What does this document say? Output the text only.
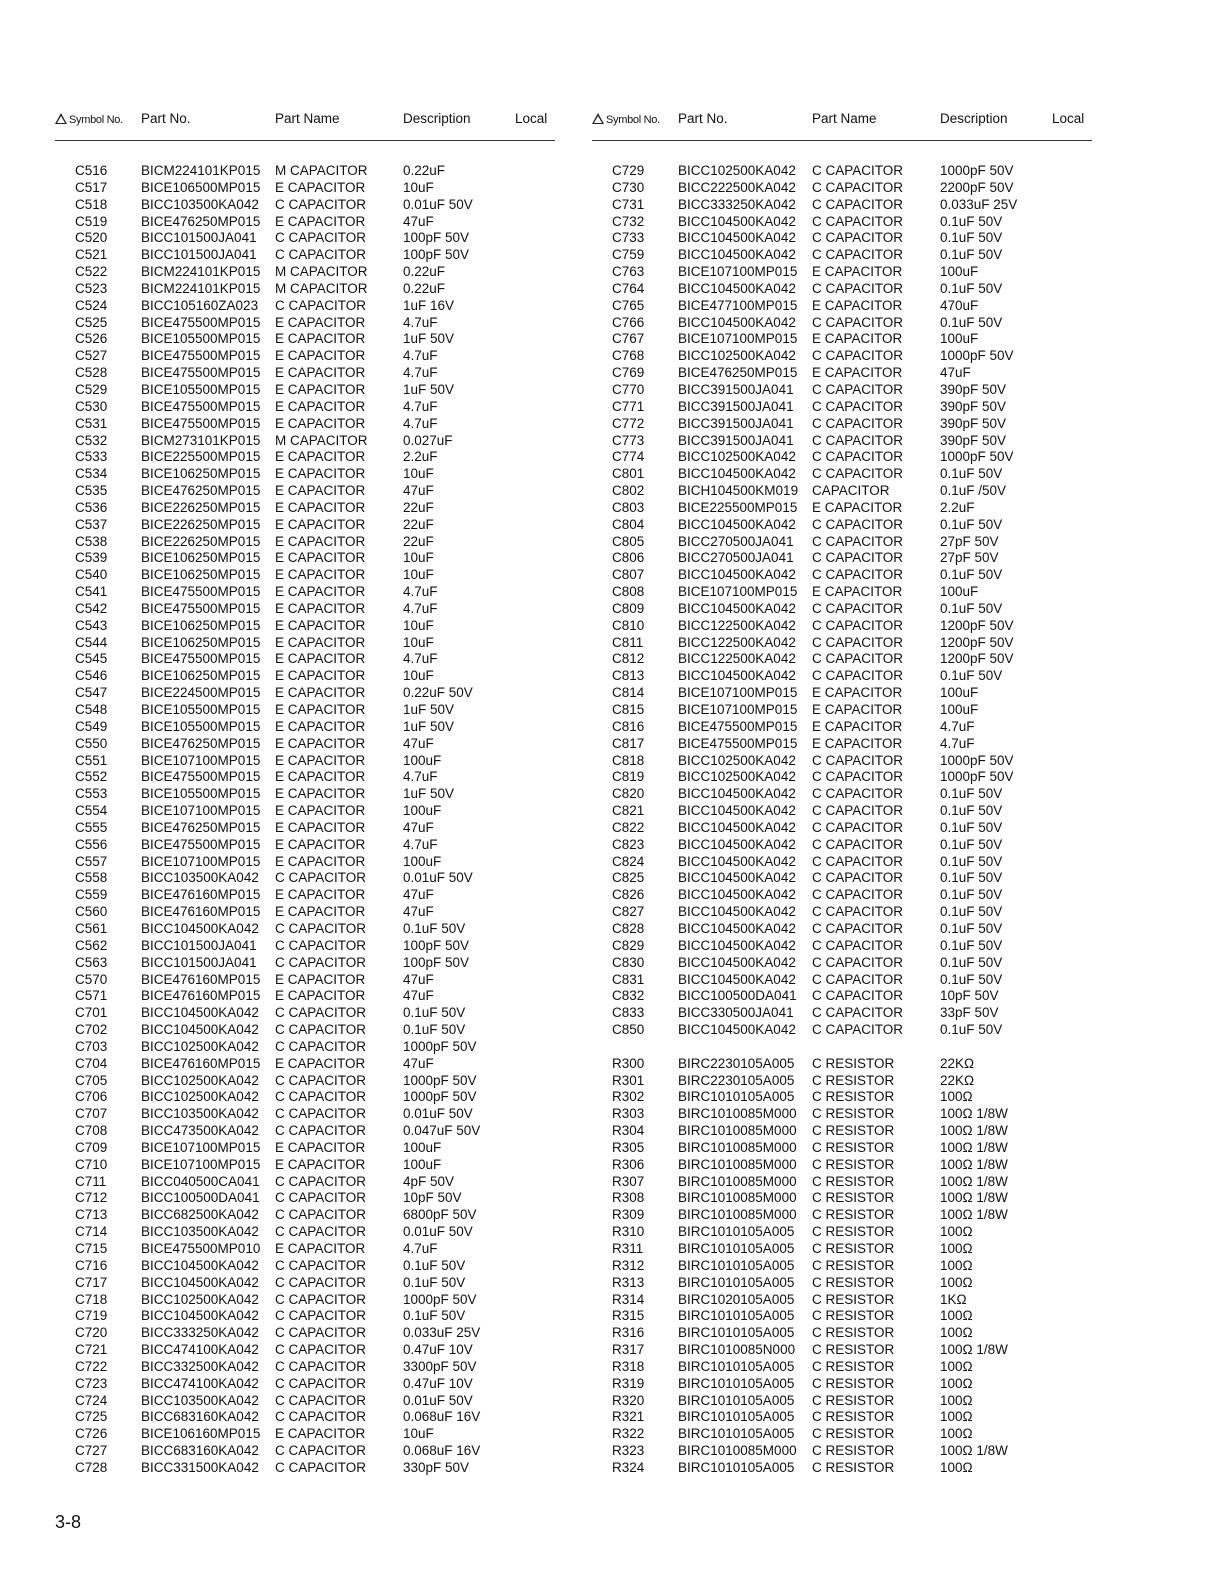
Symbol No. Part No.	Part Name	Description	Local
C516 BICM224101KP015 M CAPACITOR	0.22uF
C517 BICE106500MP015 E CAPACITOR	10uF
C518 BICC103500KA042 C CAPACITOR	0.01uF 50V
C519 BICE476250MP015 E CAPACITOR	47uF
C520 BICC101500JA041 C CAPACITOR	100pF 50V
C521 BICC101500JA041 C CAPACITOR	100pF 50V
C522 BICM224101KP015 M CAPACITOR	0.22uF
C523 BICM224101KP015 M CAPACITOR	0.22uF
C524 BICC105160ZA023 C CAPACITOR	1uF 16V
C525 BICE475500MP015 E CAPACITOR	4.7uF
C526 BICE105500MP015 E CAPACITOR	1uF 50V
C527 BICE475500MP015 E CAPACITOR	4.7uF
C528 BICE475500MP015 E CAPACITOR	4.7uF
C529 BICE105500MP015 E CAPACITOR	1uF 50V
C530 BICE475500MP015 E CAPACITOR	4.7uF
C531 BICE475500MP015 E CAPACITOR	4.7uF
C532 BICM273101KP015 M CAPACITOR	0.027uF
C533 BICE225500MP015 E CAPACITOR	2.2uF
C534 BICE106250MP015 E CAPACITOR	10uF
C535 BICE476250MP015 E CAPACITOR	47uF
C536 BICE226250MP015 E CAPACITOR	22uF
C537 BICE226250MP015 E CAPACITOR	22uF
C538 BICE226250MP015 E CAPACITOR	22uF
C539 BICE106250MP015 E CAPACITOR	10uF
C540 BICE106250MP015 E CAPACITOR	10uF
C541 BICE475500MP015 E CAPACITOR	4.7uF
C542 BICE475500MP015 E CAPACITOR	4.7uF
C543 BICE106250MP015 E CAPACITOR	10uF
C544 BICE106250MP015 E CAPACITOR	10uF
C545 BICE475500MP015 E CAPACITOR	4.7uF
C546 BICE106250MP015 E CAPACITOR	10uF
C547 BICE224500MP015 E CAPACITOR	0.22uF 50V
C548 BICE105500MP015 E CAPACITOR	1uF 50V
C549 BICE105500MP015 E CAPACITOR	1uF 50V
C550 BICE476250MP015 E CAPACITOR	47uF
C551 BICE107100MP015 E CAPACITOR	100uF
C552 BICE475500MP015 E CAPACITOR	4.7uF
C553 BICE105500MP015 E CAPACITOR	1uF 50V
C554 BICE107100MP015 E CAPACITOR	100uF
C555 BICE476250MP015 E CAPACITOR	47uF
C556 BICE475500MP015 E CAPACITOR	4.7uF
C557 BICE107100MP015 E CAPACITOR	100uF
C558 BICC103500KA042 C CAPACITOR	0.01uF 50V
C559 BICE476160MP015 E CAPACITOR	47uF
C560 BICE476160MP015 E CAPACITOR	47uF
C561 BICC104500KA042 C CAPACITOR	0.1uF 50V
C562 BICC101500JA041 C CAPACITOR	100pF 50V
C563 BICC101500JA041 C CAPACITOR	100pF 50V
C570 BICE476160MP015 E CAPACITOR	47uF
C571 BICE476160MP015 E CAPACITOR	47uF
C701 BICC104500KA042 C CAPACITOR	0.1uF 50V
C702 BICC104500KA042 C CAPACITOR	0.1uF 50V
C703 BICC102500KA042 C CAPACITOR	1000pF 50V
C704 BICE476160MP015 E CAPACITOR	47uF
C705 BICC102500KA042 C CAPACITOR	1000pF 50V
C706 BICC102500KA042 C CAPACITOR	1000pF 50V
C707 BICC103500KA042 C CAPACITOR	0.01uF 50V
C708 BICC473500KA042 C CAPACITOR	0.047uF 50V
C709 BICE107100MP015 E CAPACITOR	100uF
C710 BICE107100MP015 E CAPACITOR	100uF
C711	BICC040500CA041 C CAPACITOR	4pF 50V
C712 BICC100500DA041 C CAPACITOR	10pF 50V
C713 BICC682500KA042 C CAPACITOR	6800pF 50V
C714 BICC103500KA042 C CAPACITOR	0.01uF 50V
C715 BICE475500MP010 E CAPACITOR	4.7uF
C716 BICC104500KA042 C CAPACITOR	0.1uF 50V
C717 BICC104500KA042 C CAPACITOR	0.1uF 50V
C718 BICC102500KA042 C CAPACITOR	1000pF 50V
C719 BICC104500KA042 C CAPACITOR	0.1uF 50V
C720 BICC333250KA042 C CAPACITOR	0.033uF 25V
C721 BICC474100KA042 C CAPACITOR	0.47uF 10V
C722 BICC332500KA042 C CAPACITOR	3300pF 50V
C723 BICC474100KA042 C CAPACITOR	0.47uF 10V
C724 BICC103500KA042 C CAPACITOR	0.01uF 50V
C725 BICC683160KA042 C CAPACITOR	0.068uF 16V
C726 BICE106160MP015 E CAPACITOR	10uF
C727 BICC683160KA042 C CAPACITOR	0.068uF 16V
C728 BICC331500KA042 C CAPACITOR	330pF 50V
Symbol No. Part No.	Part Name	Description	Local
C729 BICC102500KA042 C CAPACITOR	1000pF 50V
C730 BICC222500KA042 C CAPACITOR	2200pF 50V
C731 BICC333250KA042 C CAPACITOR	0.033uF 25V
C732 BICC104500KA042 C CAPACITOR	0.1uF 50V
C733 BICC104500KA042 C CAPACITOR	0.1uF 50V
C759 BICC104500KA042 C CAPACITOR	0.1uF 50V
C763 BICE107100MP015 E CAPACITOR	100uF
C764 BICC104500KA042 C CAPACITOR	0.1uF 50V
C765 BICE477100MP015 E CAPACITOR	470uF
C766 BICC104500KA042 C CAPACITOR	0.1uF 50V
C767 BICE107100MP015 E CAPACITOR	100uF
C768 BICC102500KA042 C CAPACITOR	1000pF 50V
C769 BICE476250MP015 E CAPACITOR	47uF
C770 BICC391500JA041 C CAPACITOR	390pF 50V
C771 BICC391500JA041 C CAPACITOR	390pF 50V
C772 BICC391500JA041 C CAPACITOR	390pF 50V
C773 BICC391500JA041 C CAPACITOR	390pF 50V
C774 BICC102500KA042 C CAPACITOR	1000pF 50V
C801 BICC104500KA042 C CAPACITOR	0.1uF 50V
C802 BICH104500KM019 CAPACITOR	0.1uF /50V
C803 BICE225500MP015 E CAPACITOR	2.2uF
C804 BICC104500KA042 C CAPACITOR	0.1uF 50V
C805 BICC270500JA041 C CAPACITOR	27pF 50V
C806 BICC270500JA041 C CAPACITOR	27pF 50V
C807 BICC104500KA042 C CAPACITOR	0.1uF 50V
C808 BICE107100MP015 E CAPACITOR	100uF
C809 BICC104500KA042 C CAPACITOR	0.1uF 50V
C810 BICC122500KA042 C CAPACITOR	1200pF 50V
C811	BICC122500KA042 C CAPACITOR	1200pF 50V
C812 BICC122500KA042 C CAPACITOR	1200pF 50V
C813 BICC104500KA042 C CAPACITOR	0.1uF 50V
C814 BICE107100MP015 E CAPACITOR	100uF
C815 BICE107100MP015 E CAPACITOR	100uF
C816 BICE475500MP015 E CAPACITOR	4.7uF
C817 BICE475500MP015 E CAPACITOR	4.7uF
C818 BICC102500KA042 C CAPACITOR	1000pF 50V
C819 BICC102500KA042 C CAPACITOR	1000pF 50V
C820 BICC104500KA042 C CAPACITOR	0.1uF 50V
C821 BICC104500KA042 C CAPACITOR	0.1uF 50V
C822 BICC104500KA042 C CAPACITOR	0.1uF 50V
C823 BICC104500KA042 C CAPACITOR	0.1uF 50V
C824 BICC104500KA042 C CAPACITOR	0.1uF 50V
C825 BICC104500KA042 C CAPACITOR	0.1uF 50V
C826 BICC104500KA042 C CAPACITOR	0.1uF 50V
C827 BICC104500KA042 C CAPACITOR	0.1uF 50V
C828 BICC104500KA042 C CAPACITOR	0.1uF 50V
C829 BICC104500KA042 C CAPACITOR	0.1uF 50V
C830 BICC104500KA042 C CAPACITOR	0.1uF 50V
C831 BICC104500KA042 C CAPACITOR	0.1uF 50V
C832 BICC100500DA041 C CAPACITOR	10pF 50V
C833 BICC330500JA041 C CAPACITOR	33pF 50V
C850 BICC104500KA042 C CAPACITOR	0.1uF 50V
R300 BIRC2230105A005 C RESISTOR	22KΩ
R301 BIRC2230105A005 C RESISTOR	22KΩ
R302 BIRC1010105A005 C RESISTOR	100Ω
R303 BIRC1010085M000 C RESISTOR	100Ω 1/8W
R304 BIRC1010085M000 C RESISTOR	100Ω 1/8W
R305 BIRC1010085M000 C RESISTOR	100Ω 1/8W
R306 BIRC1010085M000 C RESISTOR	100Ω 1/8W
R307 BIRC1010085M000 C RESISTOR	100Ω 1/8W
R308 BIRC1010085M000 C RESISTOR	100Ω 1/8W
R309 BIRC1010085M000 C RESISTOR	100Ω 1/8W
R310 BIRC1010105A005 C RESISTOR	100Ω
R311	BIRC1010105A005 C RESISTOR	100Ω
R312 BIRC1010105A005 C RESISTOR	100Ω
R313 BIRC1010105A005 C RESISTOR	100Ω
R314 BIRC1020105A005 C RESISTOR	1KΩ
R315 BIRC1010105A005 C RESISTOR	100Ω
R316 BIRC1010105A005 C RESISTOR	100Ω
R317 BIRC1010085N000 C RESISTOR	100Ω 1/8W
R318 BIRC1010105A005 C RESISTOR	100Ω
R319 BIRC1010105A005 C RESISTOR	100Ω
R320 BIRC1010105A005 C RESISTOR	100Ω
R321 BIRC1010105A005 C RESISTOR	100Ω
R322 BIRC1010105A005 C RESISTOR	100Ω
R323 BIRC1010085M000 C RESISTOR	100Ω 1/8W
R324 BIRC1010105A005 C RESISTOR	100Ω
3-8
